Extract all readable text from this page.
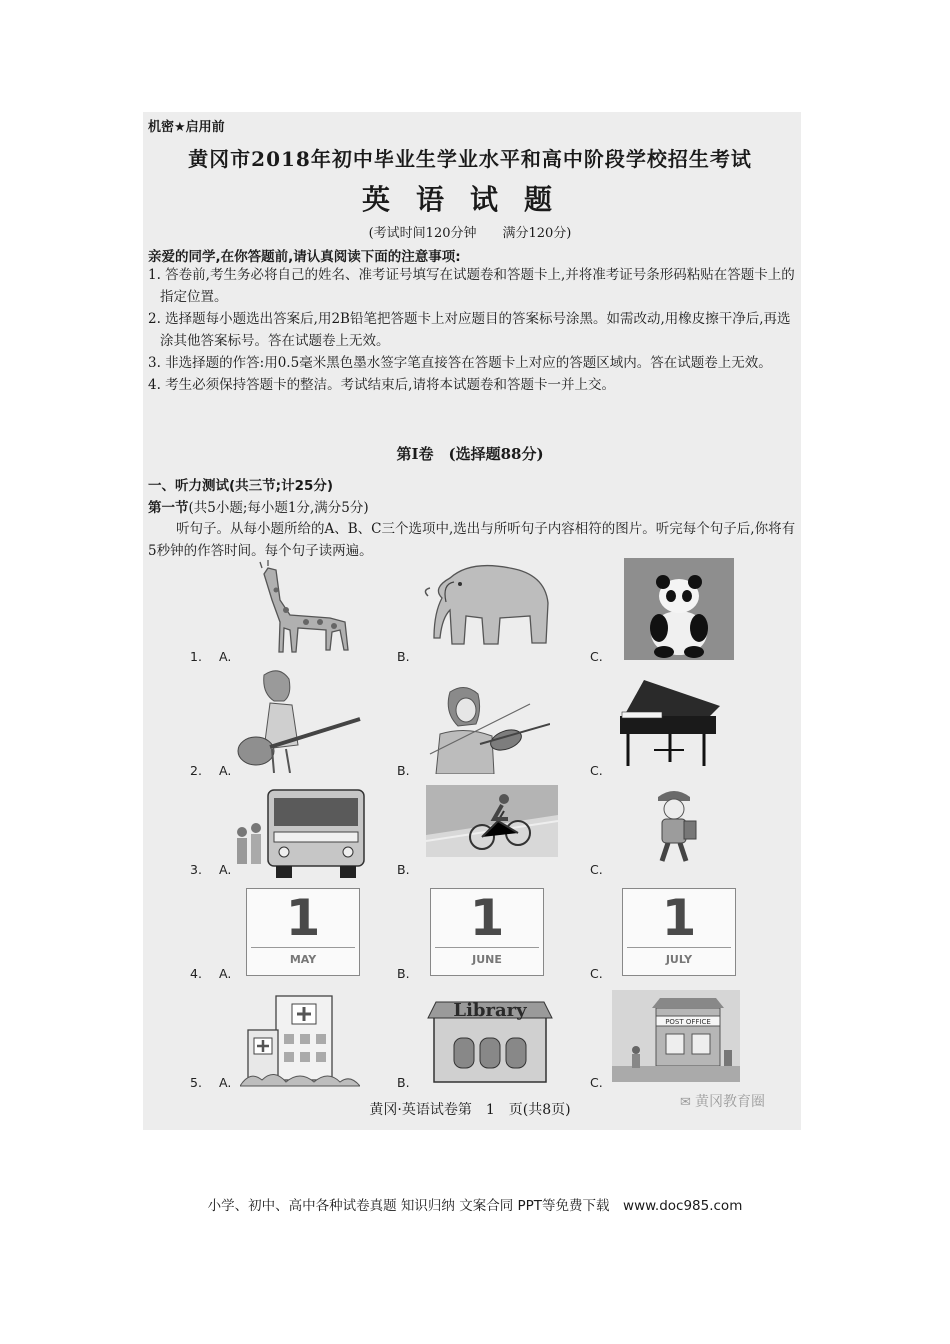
机密★启用前
黄冈市2018年初中毕业生学业水平和高中阶段学校招生考试
英语试题
(考试时间120分钟　　满分120分)
亲爱的同学,在你答题前,请认真阅读下面的注意事项:
1. 答卷前,考生务必将自己的姓名、准考证号填写在试题卷和答题卡上,并将准考证号条形码粘贴在答题卡上的指定位置。
2. 选择题每小题选出答案后,用2B铅笔把答题卡上对应题目的答案标号涂黑。如需改动,用橡皮擦干净后,再选涂其他答案标号。答在试题卷上无效。
3. 非选择题的作答:用0.5毫米黑色墨水签字笔直接答在答题卡上对应的答题区域内。答在试题卷上无效。
4. 考生必须保持答题卡的整洁。考试结束后,请将本试题卷和答题卡一并上交。
第Ⅰ卷　(选择题88分)
一、听力测试(共三节;计25分)
第一节(共5小题;每小题1分,满分5分)
听句子。从每小题所给的A、B、C三个选项中,选出与所听句子内容相符的图片。听完每个句子后,你将有5秒钟的作答时间。每个句子读两遍。
1. A.	B.	C.
2. A.	B.	C.
3. A.	B.	C.
4. A.	B.	C.
1
MAY
1
JUNE
1
JULY
5. A.	B.	C.
Library
POST OFFICE
黄冈·英语试卷第　1　页(共8页)	✉ 黄冈教育圈
小学、初中、高中各种试卷真题 知识归纳 文案合同 PPT等免费下载　www.doc985.com
